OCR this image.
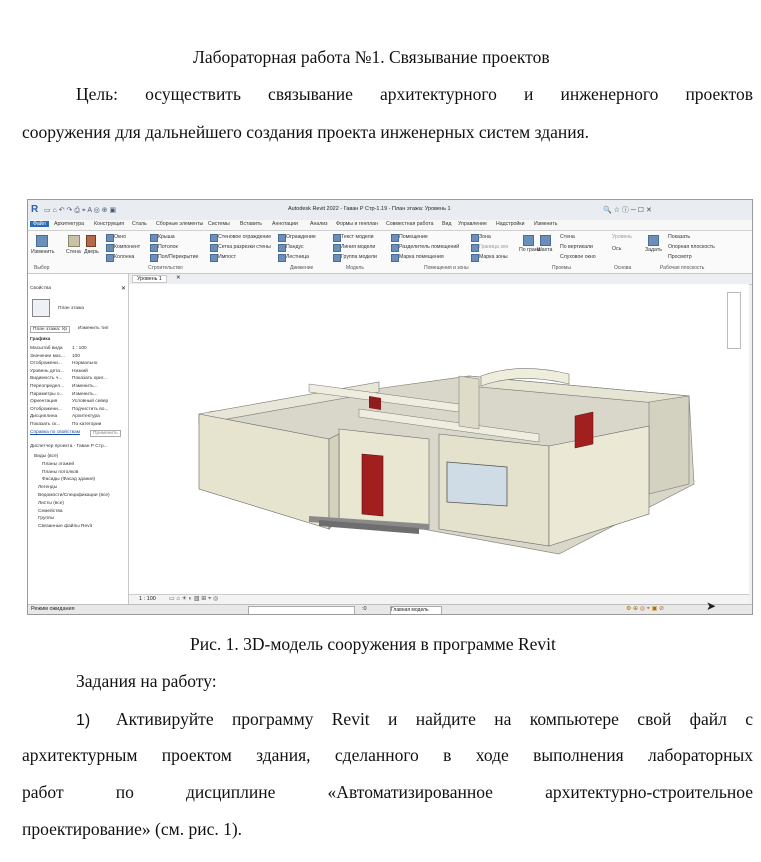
Лабораторная работа №1. Связывание проектов
Цель: осуществить связывание архитектурного и инженерного проектов
сооружения для дальнейшего создания проекта инженерных систем здания.
R ▭ ⌂ ↶ ↷ ⎙ ⌖ A ◎ ⊕ ▣	Autodesk Revit 2022 - Гаван Р Стр-1.19 - План этажа: Уровень 1	🔍 ☆ ⓘ ─ ☐ ✕
Файл	Архитектура Конструкция Сталь Сборные элементы Системы Вставить Аннотации Анализ Формы и генплан Совместная работа Вид Управление Надстройки Изменить
Изменить Стена Дверь
Окно
Компонент
Колонна
Крыша
Потолок
Пол/Перекрытие
Стеновое ограждение
Сетка разрезки стены
Импост
Ограждение
Пандус
Лестница
Текст модели
Линия модели
Группа модели
Помещение
Разделитель помещений
Марка помещения
Зона
Граница зон
Марка зоны
По грани
Шахта
Стена
По вертикали
Слуховое окно
Уровень
Ось	Задать
Показать
Опорная плоскость
Просмотр
Выбор	Строительство	Движение	Модель	Помещения и зоны	Проемы	Основа	Рабочая плоскость
Свойства	✕
План этажа
План этажа: Ур	Изменить тип
Графика
Масштаб вида 1 : 100
Значение мас... 100
Отображени... Нормально
Уровень дета... Низкий
Видимость ч... Показать ориг...
Переопредел... Изменить...
Параметры о... Изменить...
Ориентация	Условный север
Отображени... Подчистить во...
Дисциплина	Архитектура
Показать ск... По категории
Справка по свойствам	Применить
Диспетчер проекта - Гаван Р Стр...
Виды (все)
Планы этажей
Планы потолков
Фасады (Фасад здания)
Легенды
Ведомости/Спецификации (все)
Листы (все)
Семейства
Группы
Связанные файлы Revit
Уровень 1	✕
1 : 100 ▭ ⌂ ☀ ◐ ▧ ⊞ ⌖ ◎
Режим ожидания	:0	Главная модель	⚙ ⊕ ◎ ⌖ ▣ ⊘	➤
Рис. 1. 3D-модель сооружения в программе Revit
Задания на работу:
1) Активируйте программу Revit и найдите на компьютере свой файл с
архитектурным проектом здания, сделанного в ходе выполнения лабораторных
работ по дисциплине «Автоматизированное архитектурно-строительное
проектирование» (см. рис. 1).
